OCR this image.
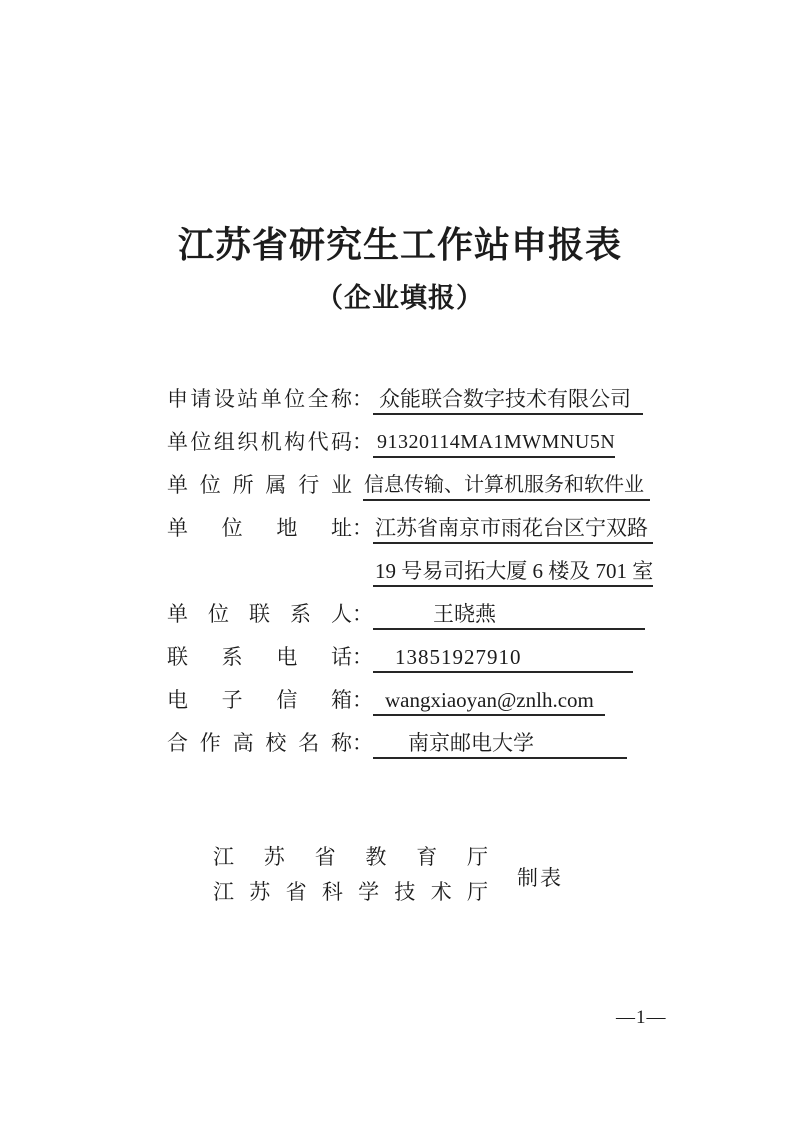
江苏省研究生工作站申报表
（企业填报）
申请设站单位全称 ： 众能联合数字技术有限公司
单位组织机构代码 ： 91320114MA1MWMNU5N
单位所属行业 信息传输、计算机服务和软件业
单位地址 ： 江苏省南京市雨花台区宁双路
19 号易司拓大厦 6 楼及 701 室
单位联系人 ：	王晓燕
联系电话 ：	13851927910
电子信箱 ： wangxiaoyan@znlh.com
合作高校名称 ：	南京邮电大学
江苏省教育厅
江苏省科学技术厅
制表
—1—
